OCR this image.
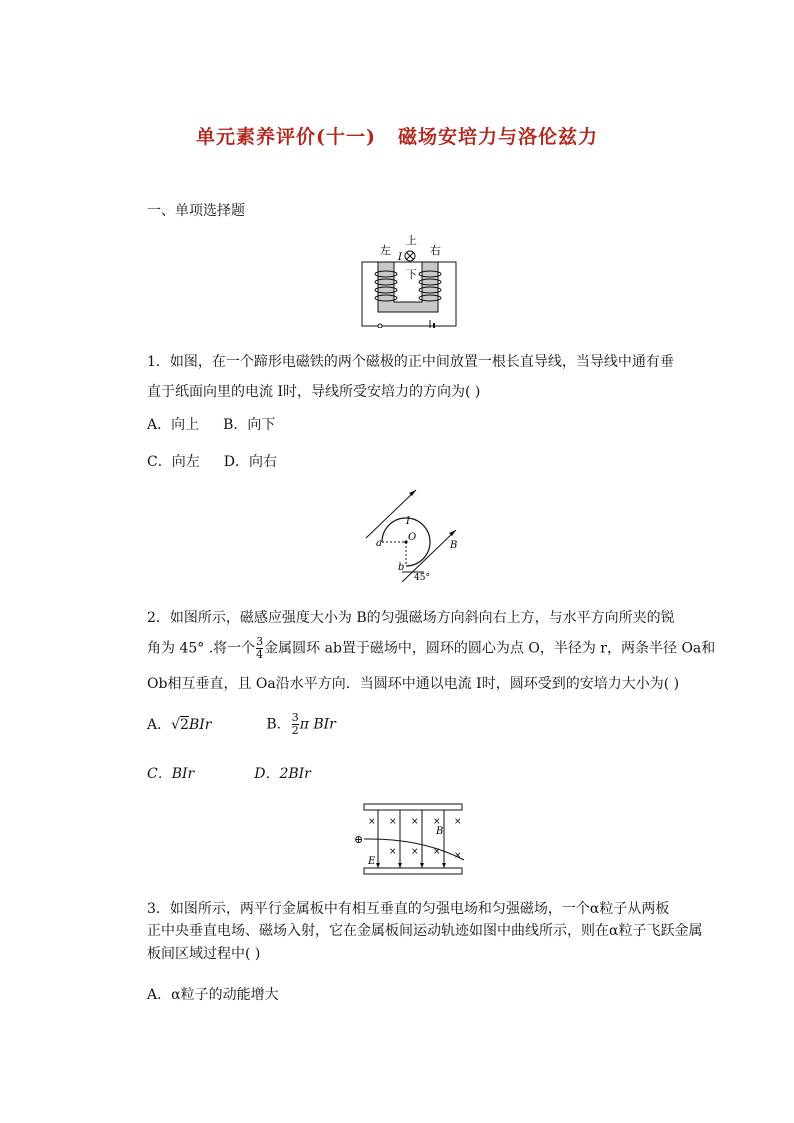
单元素养评价(十一) 磁场安培力与洛伦兹力
一、单项选择题
上
下
左	右
I
1．如图，在一个蹄形电磁铁的两个磁极的正中间放置一根长直导线，当导线中通有垂
直于纸面向里的电流 I时，导线所受安培力的方向为( )
A．向上 B．向下
C．向左 D．向右
I
O
a
b
B
45°
2．如图所示，磁感应强度大小为 B的匀强磁场方向斜向右上方，与水平方向所夹的锐
角为 45° .将一个 $\frac{3}{4}$ 金属圆环 ab置于磁场中，圆环的圆心为点 O，半径为 r，两条半径 Oa和
Ob相互垂直，且 Oa沿水平方向．当圆环中通以电流 I时，圆环受到的安培力大小为( )
A．√2BIr	B． $\frac{3}{2}$ π BIr
C．BIr	D．2BIr
× × × × ×
× × × ×
⊕
B
E
3．如图所示，两平行金属板中有相互垂直的匀强电场和匀强磁场，一个α粒子从两板
正中央垂直电场、磁场入射，它在金属板间运动轨迹如图中曲线所示，则在α粒子飞跃金属
板间区域过程中( )
A．α粒子的动能增大
